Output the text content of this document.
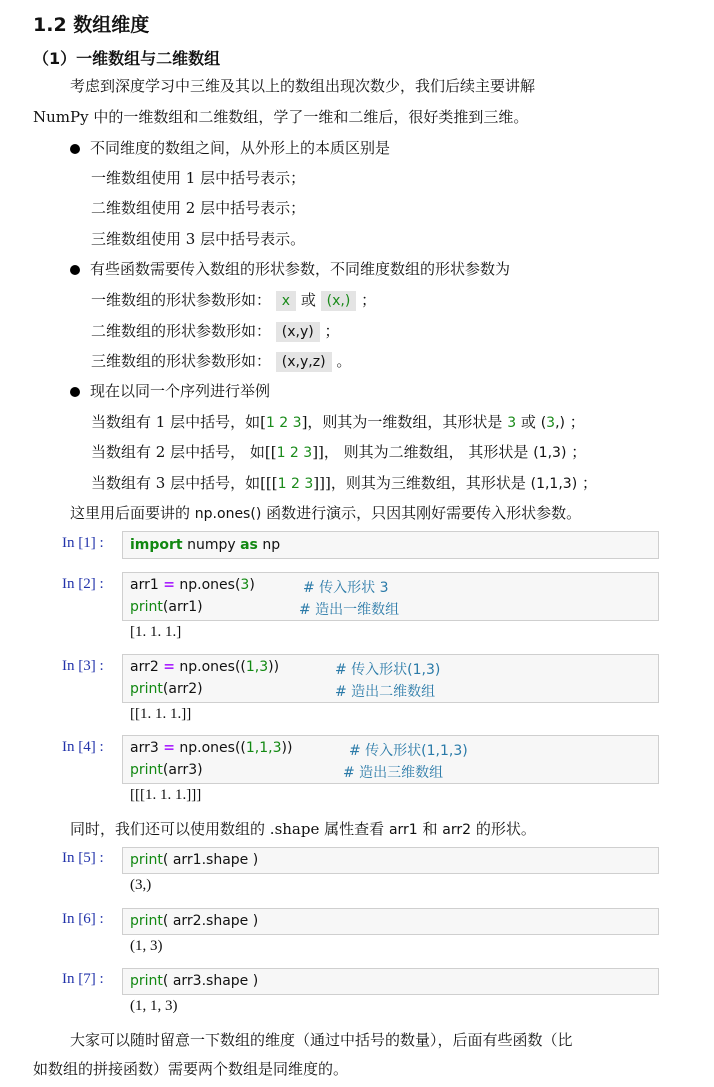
1.2 数组维度
（1）一维数组与二维数组
考虑到深度学习中三维及其以上的数组出现次数少，我们后续主要讲解
NumPy 中的一维数组和二维数组，学了一维和二维后，很好类推到三维。
不同维度的数组之间，从外形上的本质区别是
一维数组使用 1 层中括号表示；
二维数组使用 2 层中括号表示；
三维数组使用 3 层中括号表示。
有些函数需要传入数组的形状参数，不同维度数组的形状参数为
一维数组的形状参数形如： x 或 (x,) ；
二维数组的形状参数形如： (x,y) ；
三维数组的形状参数形如： (x,y,z) 。
现在以同一个序列进行举例
当数组有 1 层中括号，如[1 2 3]，则其为一维数组，其形状是 3 或 (3,) ；
当数组有 2 层中括号， 如[[1 2 3]]， 则其为二维数组， 其形状是 (1,3) ；
当数组有 3 层中括号，如[[[1 2 3]]]，则其为三维数组，其形状是 (1,1,3) ；
这里用后面要讲的 np.ones() 函数进行演示，只因其刚好需要传入形状参数。
In [1] : import numpy as np
In [2] : arr1 = np.ones(3)	# 传入形状 3
print(arr1)	# 造出一维数组
[1. 1. 1.]
In [3] : arr2 = np.ones((1,3))	# 传入形状(1,3)
print(arr2)	# 造出二维数组
[[1. 1. 1.]]
In [4] : arr3 = np.ones((1,1,3))	# 传入形状(1,1,3)
print(arr3)	# 造出三维数组
[[[1. 1. 1.]]]
同时，我们还可以使用数组的 .shape 属性查看 arr1 和 arr2 的形状。
In [5] : print( arr1.shape )
(3,)
In [6] : print( arr2.shape )
(1, 3)
In [7] : print( arr3.shape )
(1, 1, 3)
大家可以随时留意一下数组的维度（通过中括号的数量），后面有些函数（比
如数组的拼接函数）需要两个数组是同维度的。
